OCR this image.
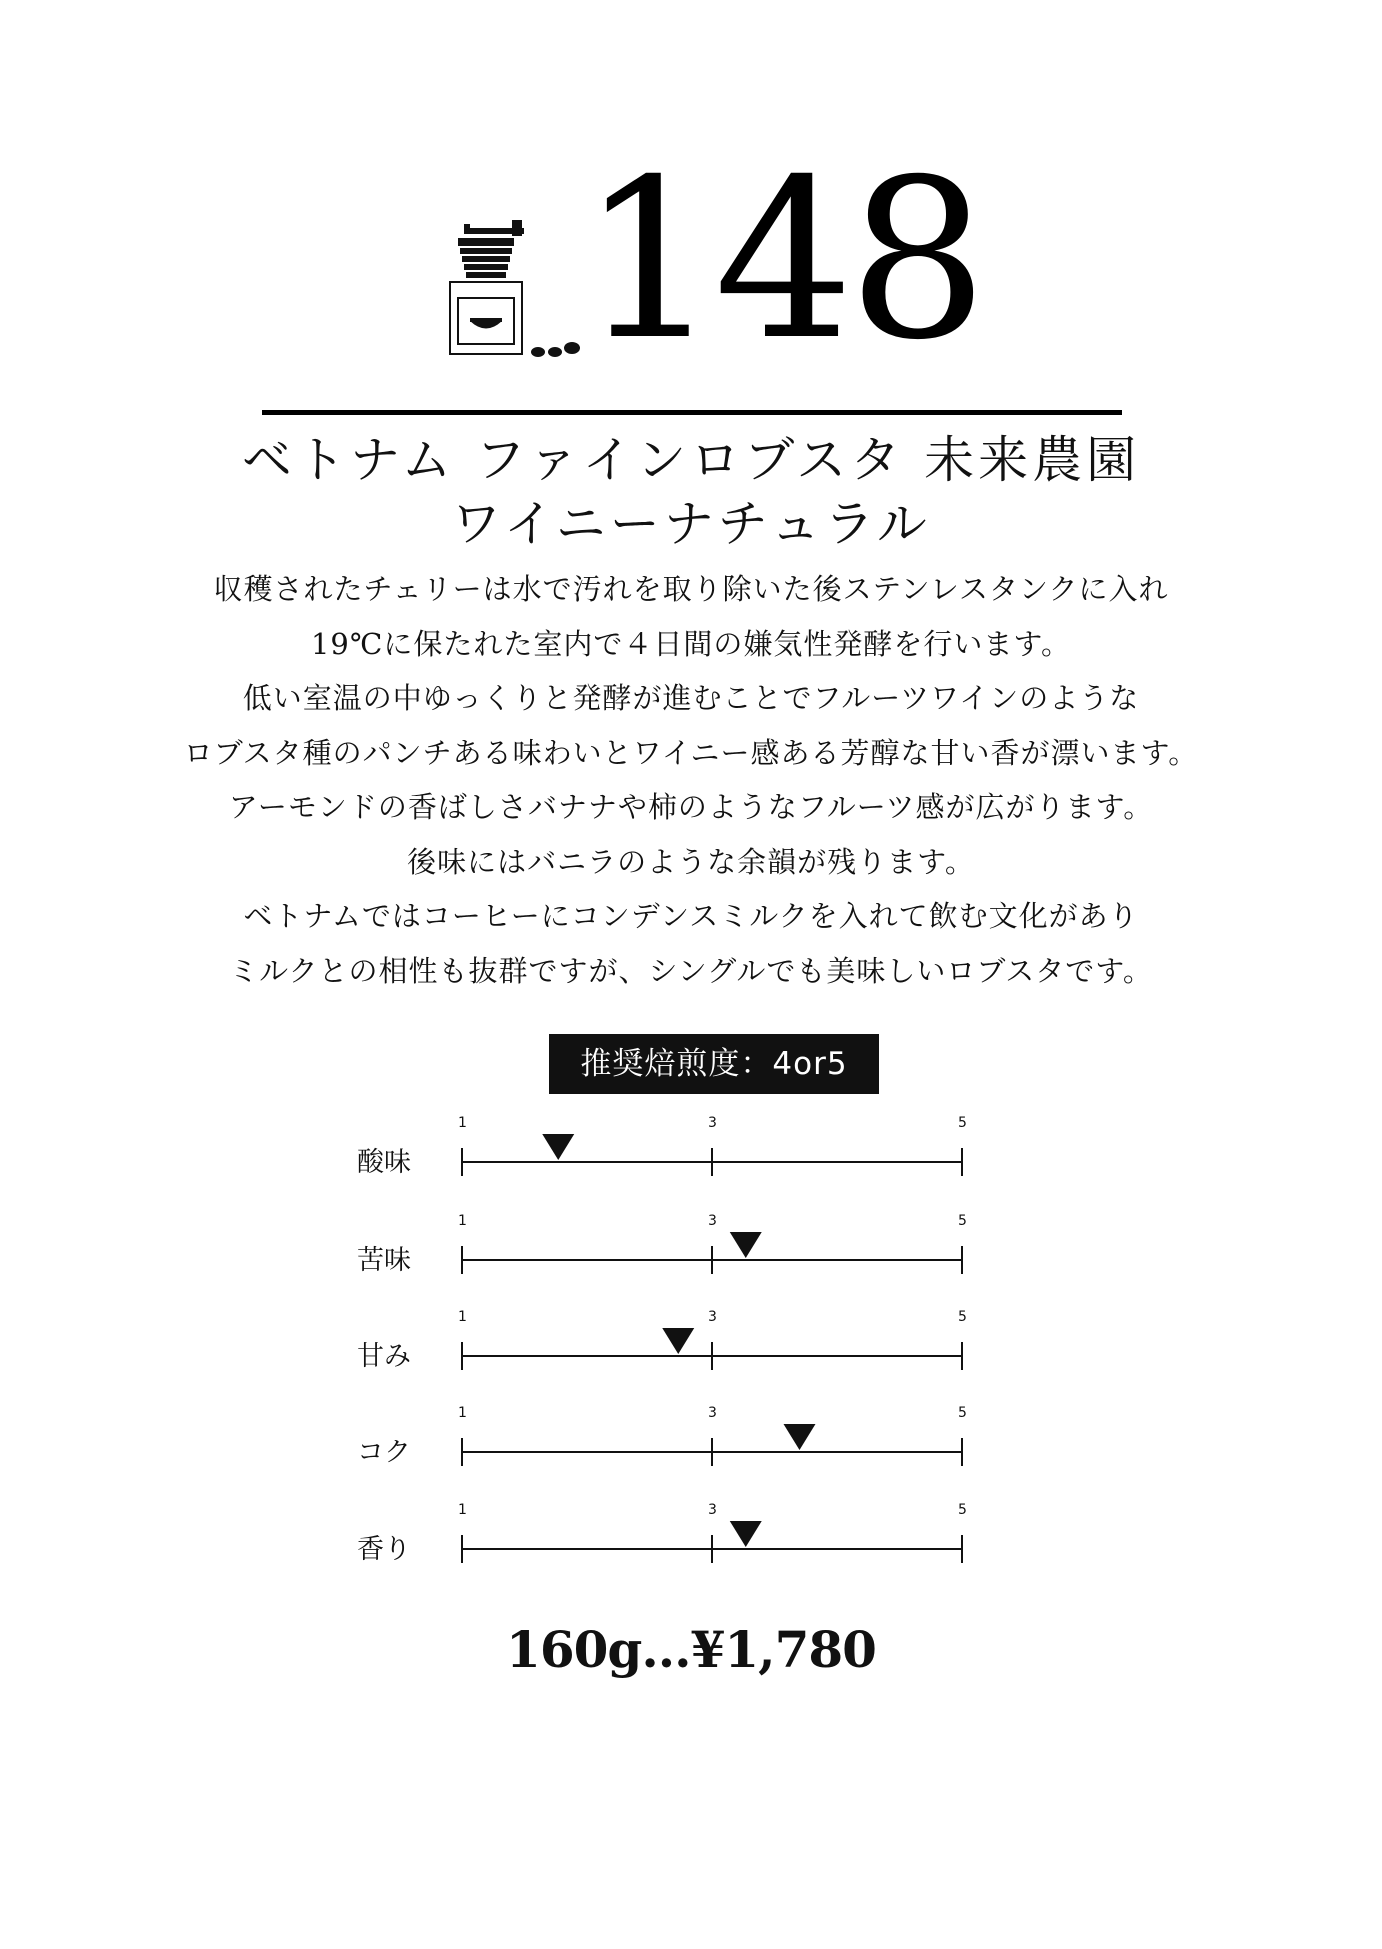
148
ベトナム ファインロブスタ 未来農園
ワイニーナチュラル
収穫されたチェリーは水で汚れを取り除いた後ステンレスタンクに入れ
19℃に保たれた室内で４日間の嫌気性発酵を行います。
低い室温の中ゆっくりと発酵が進むことでフルーツワインのような
ロブスタ種のパンチある味わいとワイニー感ある芳醇な甘い香が漂います。
アーモンドの香ばしさバナナや柿のようなフルーツ感が広がります。
後味にはバニラのような余韻が残ります。
ベトナムではコーヒーにコンデンスミルクを入れて飲む文化があり
ミルクとの相性も抜群ですが、シングルでも美味しいロブスタです。
推奨焙煎度：4or5
酸味
1	3	5
苦味
1	3	5
甘み
1	3	5
コク
1	3	5
香り
1	3	5
160g...¥1,780
